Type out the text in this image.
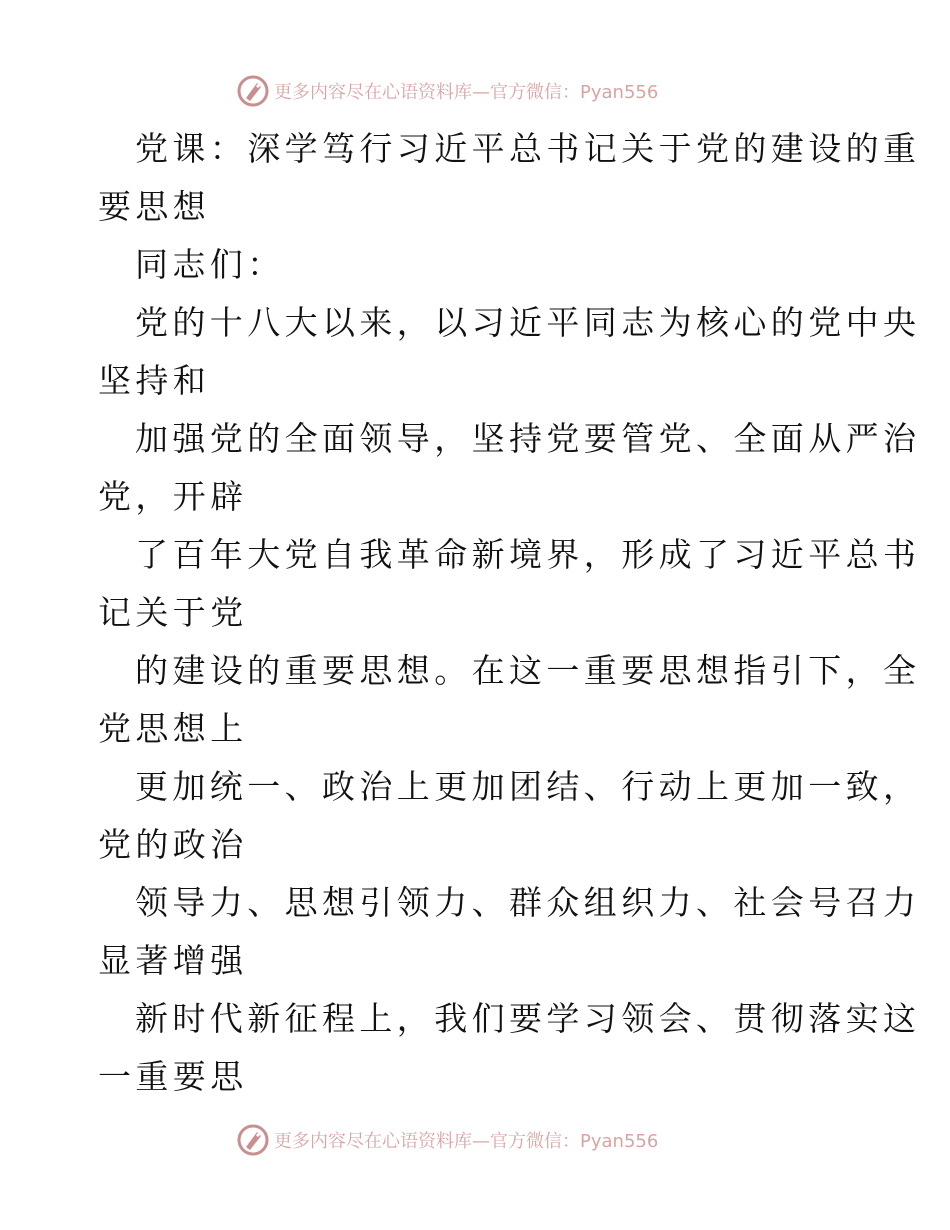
更多内容尽在心语资料库—官方微信：Pyan556
党课：深学笃行习近平总书记关于党的建设的重
要思想
同志们：
党的十八大以来，以习近平同志为核心的党中央
坚持和
加强党的全面领导，坚持党要管党、全面从严治
党，开辟
了百年大党自我革命新境界，形成了习近平总书
记关于党
的建设的重要思想。在这一重要思想指引下，全
党思想上
更加统一、政治上更加团结、行动上更加一致，
党的政治
领导力、思想引领力、群众组织力、社会号召力
显著增强
新时代新征程上，我们要学习领会、贯彻落实这
一重要思
更多内容尽在心语资料库—官方微信：Pyan556
